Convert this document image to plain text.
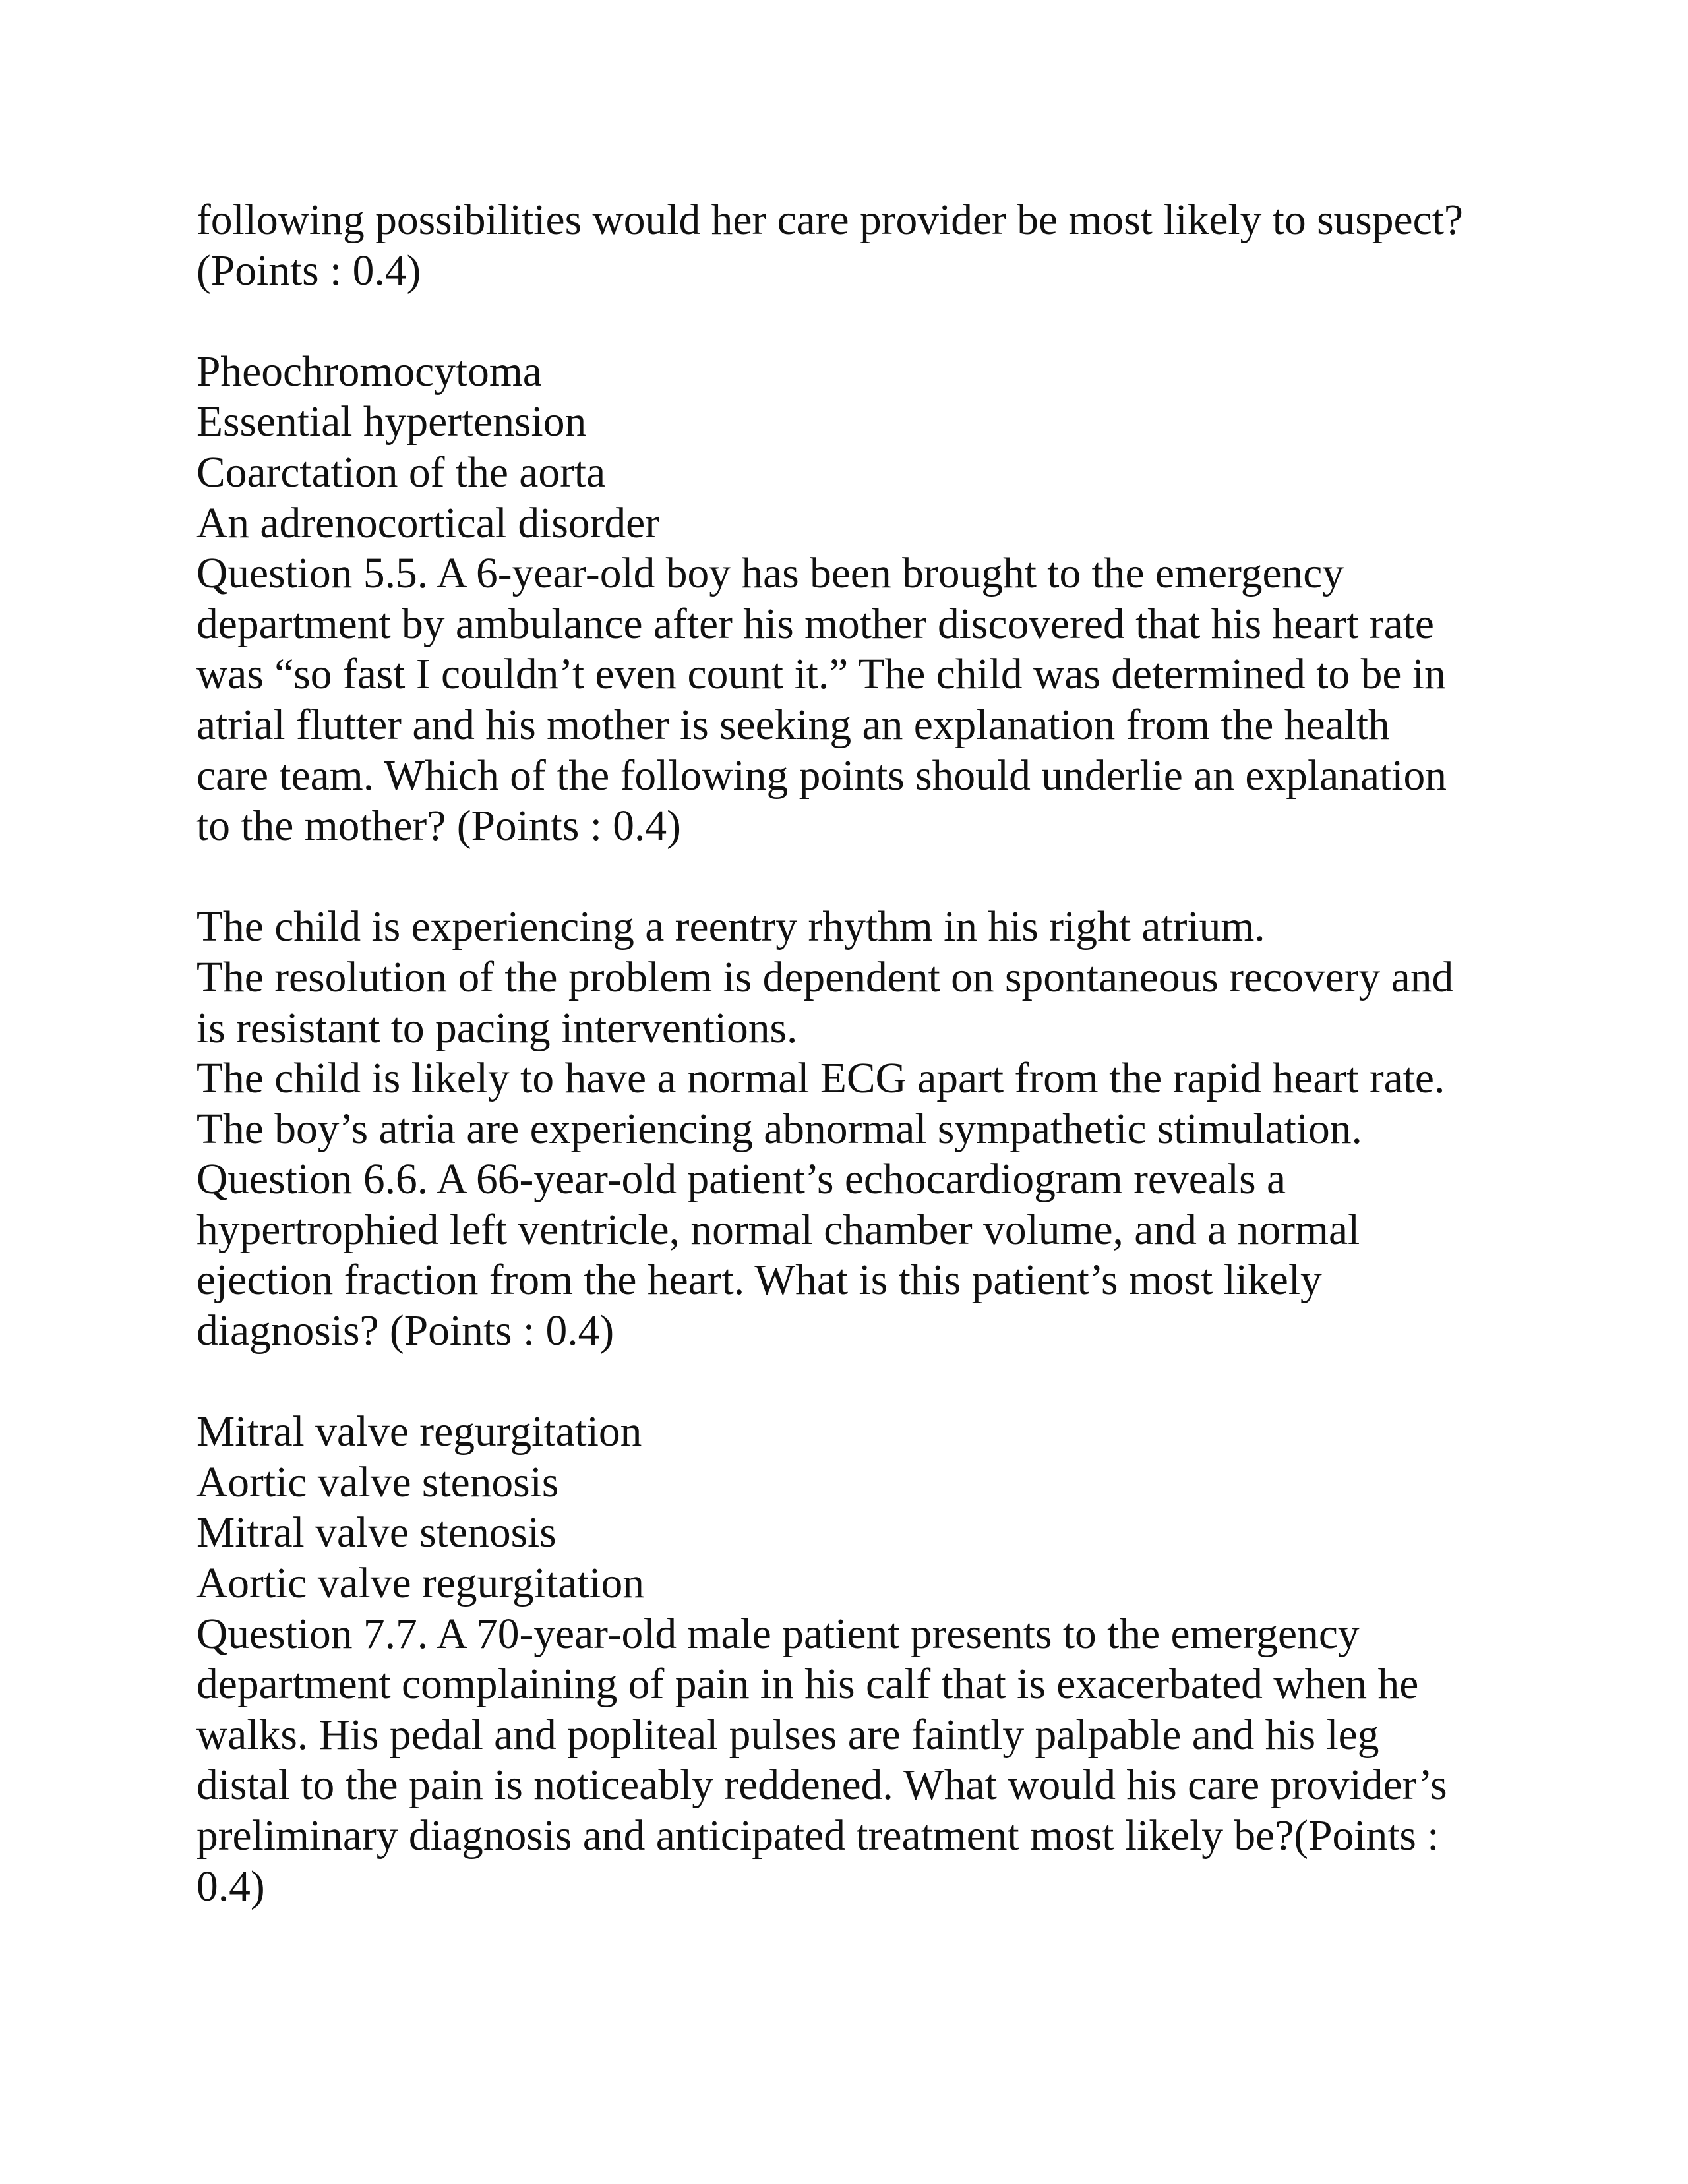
following possibilities would her care provider be most likely to suspect?
(Points : 0.4)
Pheochromocytoma
Essential hypertension
Coarctation of the aorta
An adrenocortical disorder
Question 5.5. A 6-year-old boy has been brought to the emergency
department by ambulance after his mother discovered that his heart rate
was “so fast I couldn’t even count it.” The child was determined to be in
atrial flutter and his mother is seeking an explanation from the health
care team. Which of the following points should underlie an explanation
to the mother? (Points : 0.4)
The child is experiencing a reentry rhythm in his right atrium.
The resolution of the problem is dependent on spontaneous recovery and
is resistant to pacing interventions.
The child is likely to have a normal ECG apart from the rapid heart rate.
The boy’s atria are experiencing abnormal sympathetic stimulation.
Question 6.6. A 66-year-old patient’s echocardiogram reveals a
hypertrophied left ventricle, normal chamber volume, and a normal
ejection fraction from the heart. What is this patient’s most likely
diagnosis? (Points : 0.4)
Mitral valve regurgitation
Aortic valve stenosis
Mitral valve stenosis
Aortic valve regurgitation
Question 7.7. A 70-year-old male patient presents to the emergency
department complaining of pain in his calf that is exacerbated when he
walks. His pedal and popliteal pulses are faintly palpable and his leg
distal to the pain is noticeably reddened. What would his care provider’s
preliminary diagnosis and anticipated treatment most likely be?(Points :
0.4)
